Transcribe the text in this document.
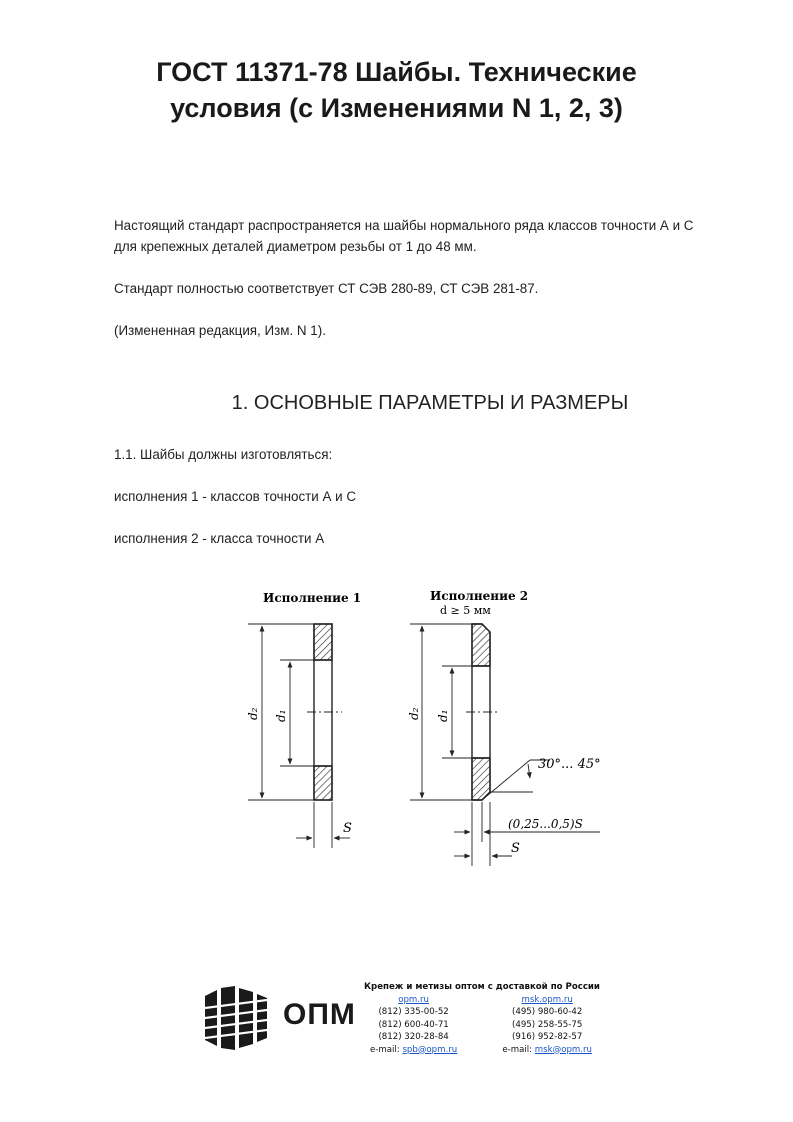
ГОСТ 11371-78 Шайбы. Технические
условия (с Изменениями N 1, 2, 3)

Настоящий стандарт распространяется на шайбы нормального ряда классов точности А и С
для крепежных деталей диаметром резьбы от 1 до 48 мм.

Стандарт полностью соответствует СТ СЭВ 280-89, СТ СЭВ 281-87.

(Измененная редакция, Изм. N 1).

1. ОСНОВНЫЕ ПАРАМЕТРЫ И РАЗМЕРЫ

1.1. Шайбы должны изготовляться:

исполнения 1 - классов точности А и С

исполнения 2 - класса точности А

Исполнение 1
d₂ d₁
S
Исполнение 2
d ≥ 5 мм
d₂ d₁
30°... 45°
(0,25...0,5)S
S
ОПМ
Крепеж и метизы оптом с доставкой по России
opm.ru
(812) 335-00-52
(812) 600-40-71
(812) 320-28-84
e-mail: spb@opm.ru
msk.opm.ru
(495) 980-60-42
(495) 258-55-75
(916) 952-82-57
e-mail: msk@opm.ru
